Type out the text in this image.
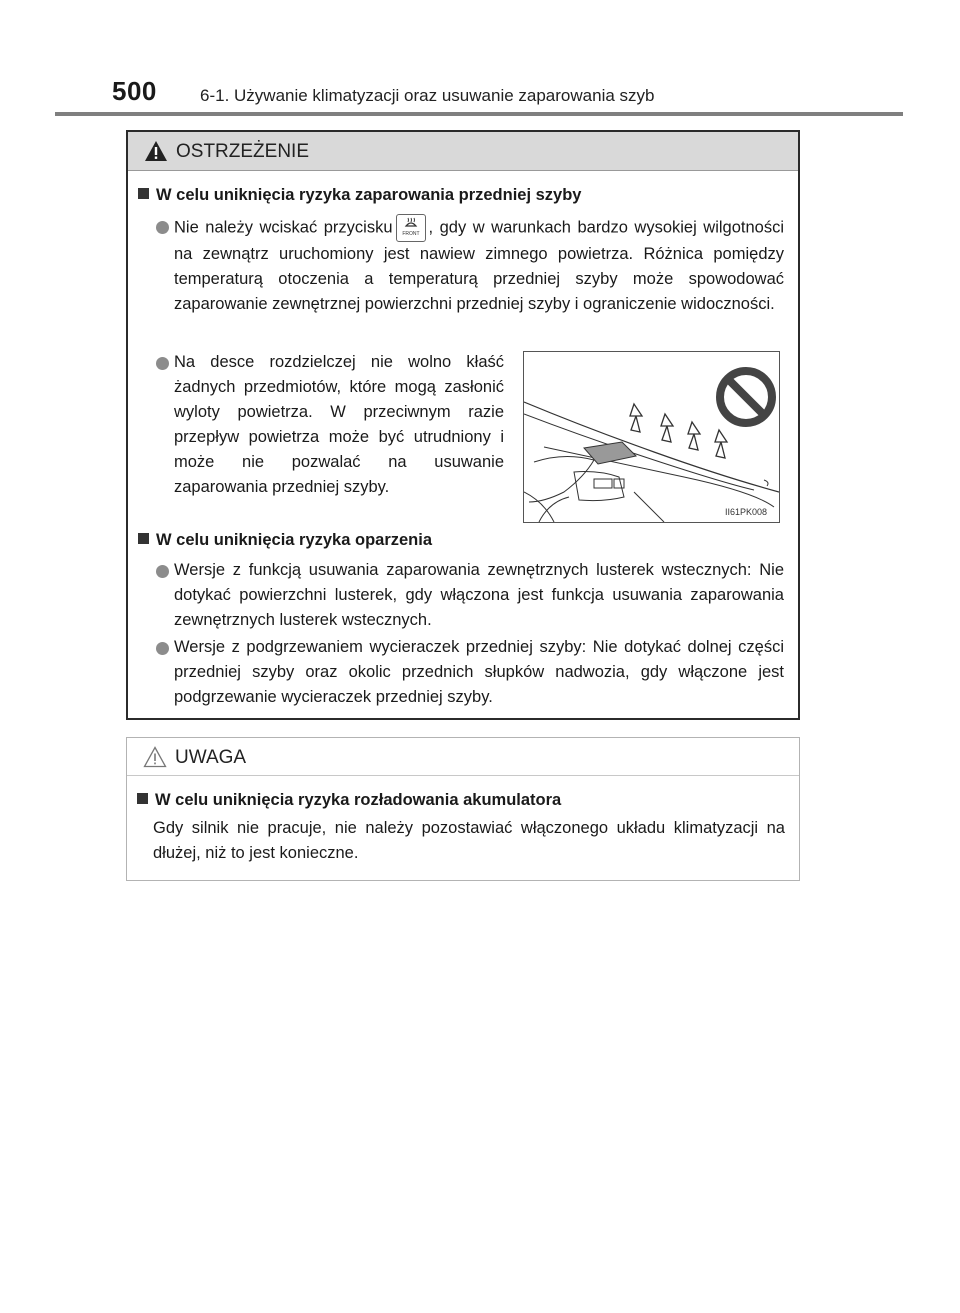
500	6-1. Używanie klimatyzacji oraz usuwanie zaparowania szyb
OSTRZEŻENIE
W celu uniknięcia ryzyka zaparowania przedniej szyby
Nie należy wciskać przycisku FRONT , gdy w warunkach bardzo wysokiej wilgotności na zewnątrz uruchomiony jest nawiew zimnego powietrza. Różnica pomiędzy temperaturą otoczenia a temperaturą przedniej szyby może spowodować zaparowanie zewnętrznej powierzchni przedniej szyby i ograniczenie widoczności.
Na desce rozdzielczej nie wolno kłaść żadnych przedmiotów, które mogą zasłonić wyloty powietrza. W przeciwnym razie przepływ powietrza może być utrudniony i może nie pozwalać na usuwanie zaparowania przedniej szyby.
II61PK008
W celu uniknięcia ryzyka oparzenia
Wersje z funkcją usuwania zaparowania zewnętrznych lusterek wstecznych: Nie dotykać powierzchni lusterek, gdy włączona jest funkcja usuwania zaparowania zewnętrznych lusterek wstecznych.
Wersje z podgrzewaniem wycieraczek przedniej szyby: Nie dotykać dolnej części przedniej szyby oraz okolic przednich słupków nadwozia, gdy włączone jest podgrzewanie wycieraczek przedniej szyby.
UWAGA
W celu uniknięcia ryzyka rozładowania akumulatora
Gdy silnik nie pracuje, nie należy pozostawiać włączonego układu klimatyzacji na dłużej, niż to jest konieczne.
